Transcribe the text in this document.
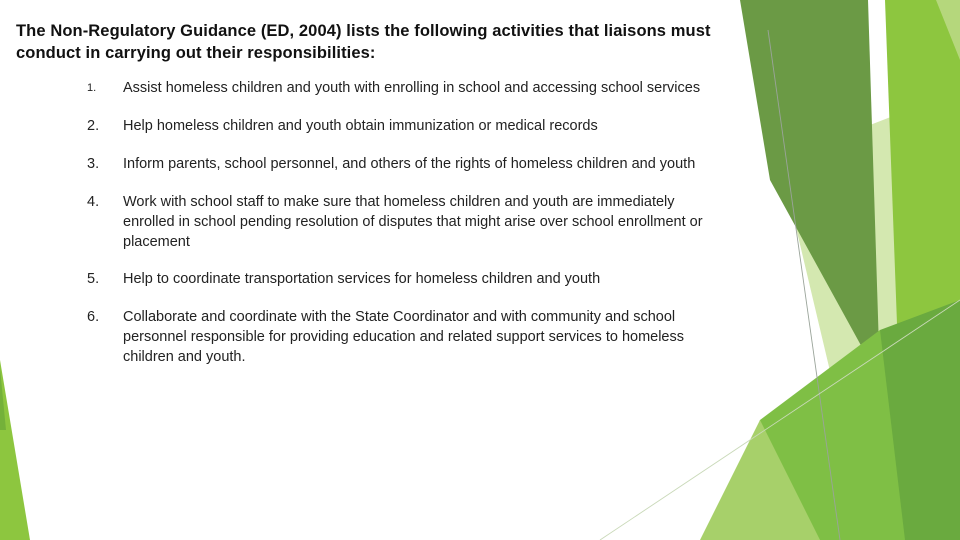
The Non-Regulatory Guidance (ED, 2004) lists the following activities that liaisons must
conduct in carrying out their responsibilities:
1. Assist homeless children and youth with enrolling in school and accessing school services
2. Help homeless children and youth obtain immunization or medical records
3. Inform parents, school personnel, and others of the rights of homeless children and youth
4. Work with school staff to make sure that homeless children and youth are immediately
enrolled in school pending resolution of disputes that might arise over school enrollment or
placement
5. Help to coordinate transportation services for homeless children and youth
6. Collaborate and coordinate with the State Coordinator and with community and school
personnel responsible for providing education and related support services to homeless
children and youth.
